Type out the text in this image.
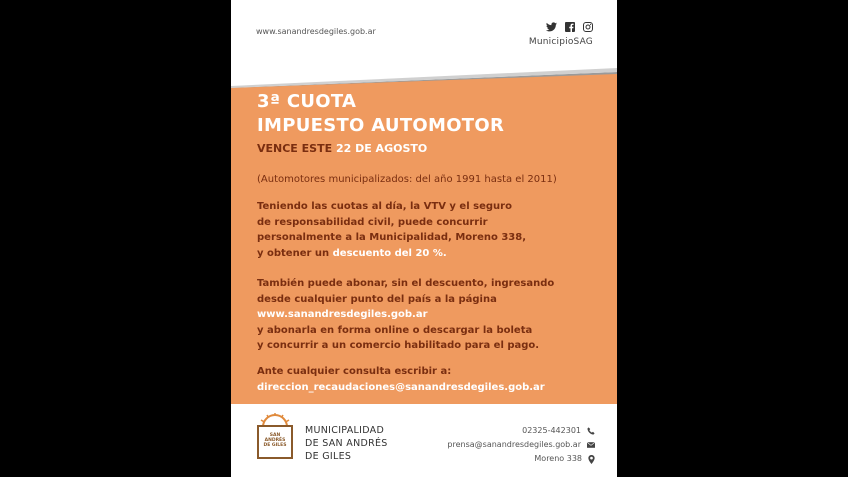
www.sanandresdegiles.gob.ar
MunicipioSAG
3ª CUOTA
IMPUESTO AUTOMOTOR
VENCE ESTE 22 DE AGOSTO
(Automotores municipalizados: del año 1991 hasta el 2011)
Teniendo las cuotas al día, la VTV y el seguro
de responsabilidad civil, puede concurrir
personalmente a la Municipalidad, Moreno 338,
y obtener un descuento del 20 %.
También puede abonar, sin el descuento, ingresando
desde cualquier punto del país a la página
www.sanandresdegiles.gob.ar
y abonarla en forma online o descargar la boleta
y concurrir a un comercio habilitado para el pago.
Ante cualquier consulta escribir a:
direccion_recaudaciones@sanandresdegiles.gob.ar
SAN
ANDRÉS
DE GILES
MUNICIPALIDAD
DE SAN ANDRÉS
DE GILES
02325-442301
prensa@sanandresdegiles.gob.ar
Moreno 338
